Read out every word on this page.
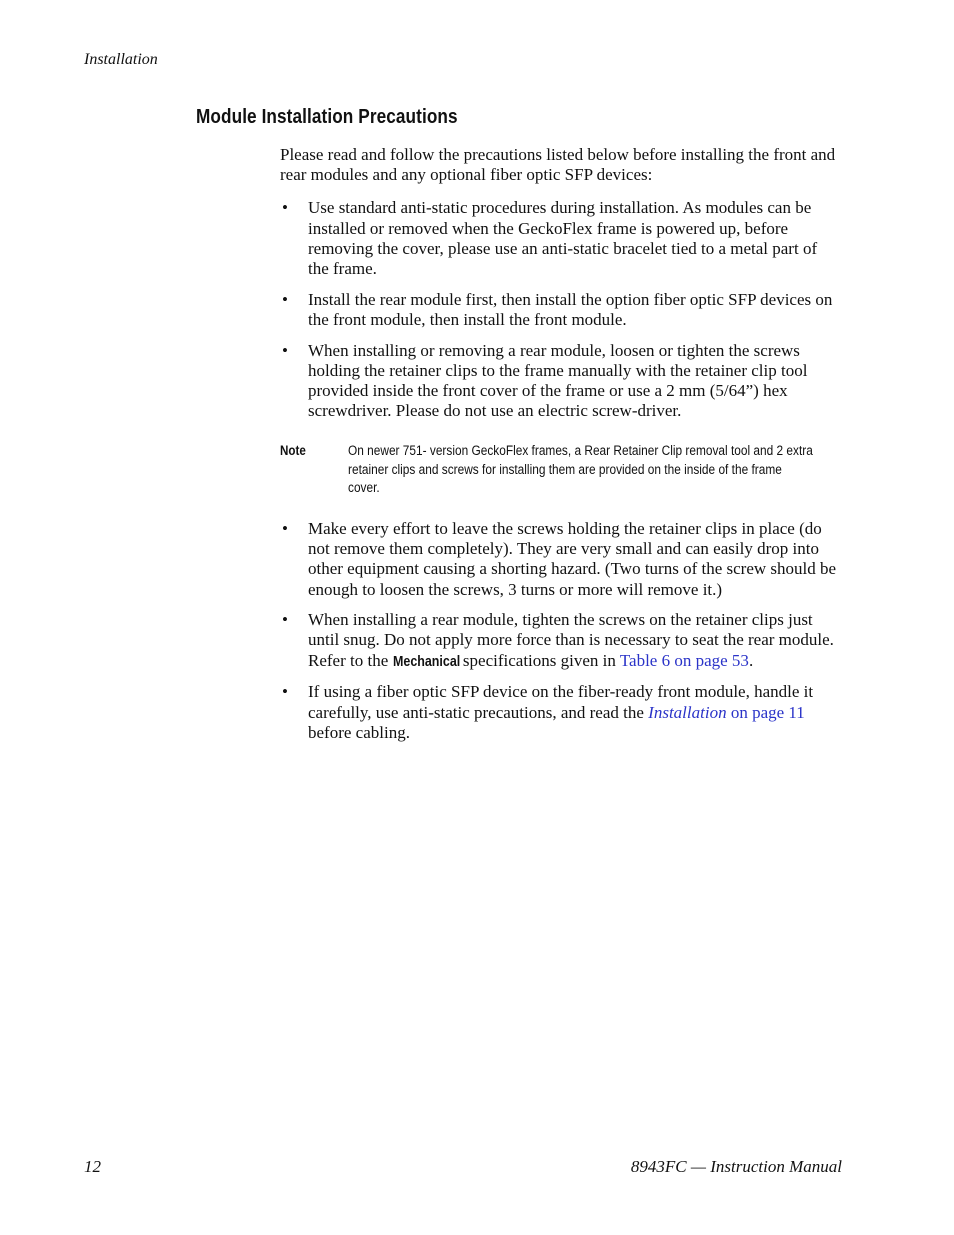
Installation
Module Installation Precautions

Please read and follow the precautions listed below before installing the front and rear modules and any optional fiber optic SFP devices:

• Use standard anti-static procedures during installation. As modules can be installed or removed when the GeckoFlex frame is powered up, before removing the cover, please use an anti-static bracelet tied to a metal part of the frame.
• Install the rear module first, then install the option fiber optic SFP devices on the front module, then install the front module.
• When installing or removing a rear module, loosen or tighten the screws holding the retainer clips to the frame manually with the retainer clip tool provided inside the front cover of the frame or use a 2 mm (5/64”) hex screwdriver. Please do not use an electric screw-driver.
Note	On newer 751- version GeckoFlex frames, a Rear Retainer Clip removal tool and 2 extra retainer clips and screws for installing them are provided on the inside of the frame cover.
• Make every effort to leave the screws holding the retainer clips in place (do not remove them completely). They are very small and can easily drop into other equipment causing a shorting hazard. (Two turns of the screw should be enough to loosen the screws, 3 turns or more will remove it.)
• When installing a rear module, tighten the screws on the retainer clips just until snug. Do not apply more force than is necessary to seat the rear module. Refer to the Mechanical specifications given in Table 6 on page 53.
• If using a fiber optic SFP device on the fiber-ready front module, handle it carefully, use anti-static precautions, and read the Installation on page 11 before cabling.
12	8943FC — Instruction Manual
